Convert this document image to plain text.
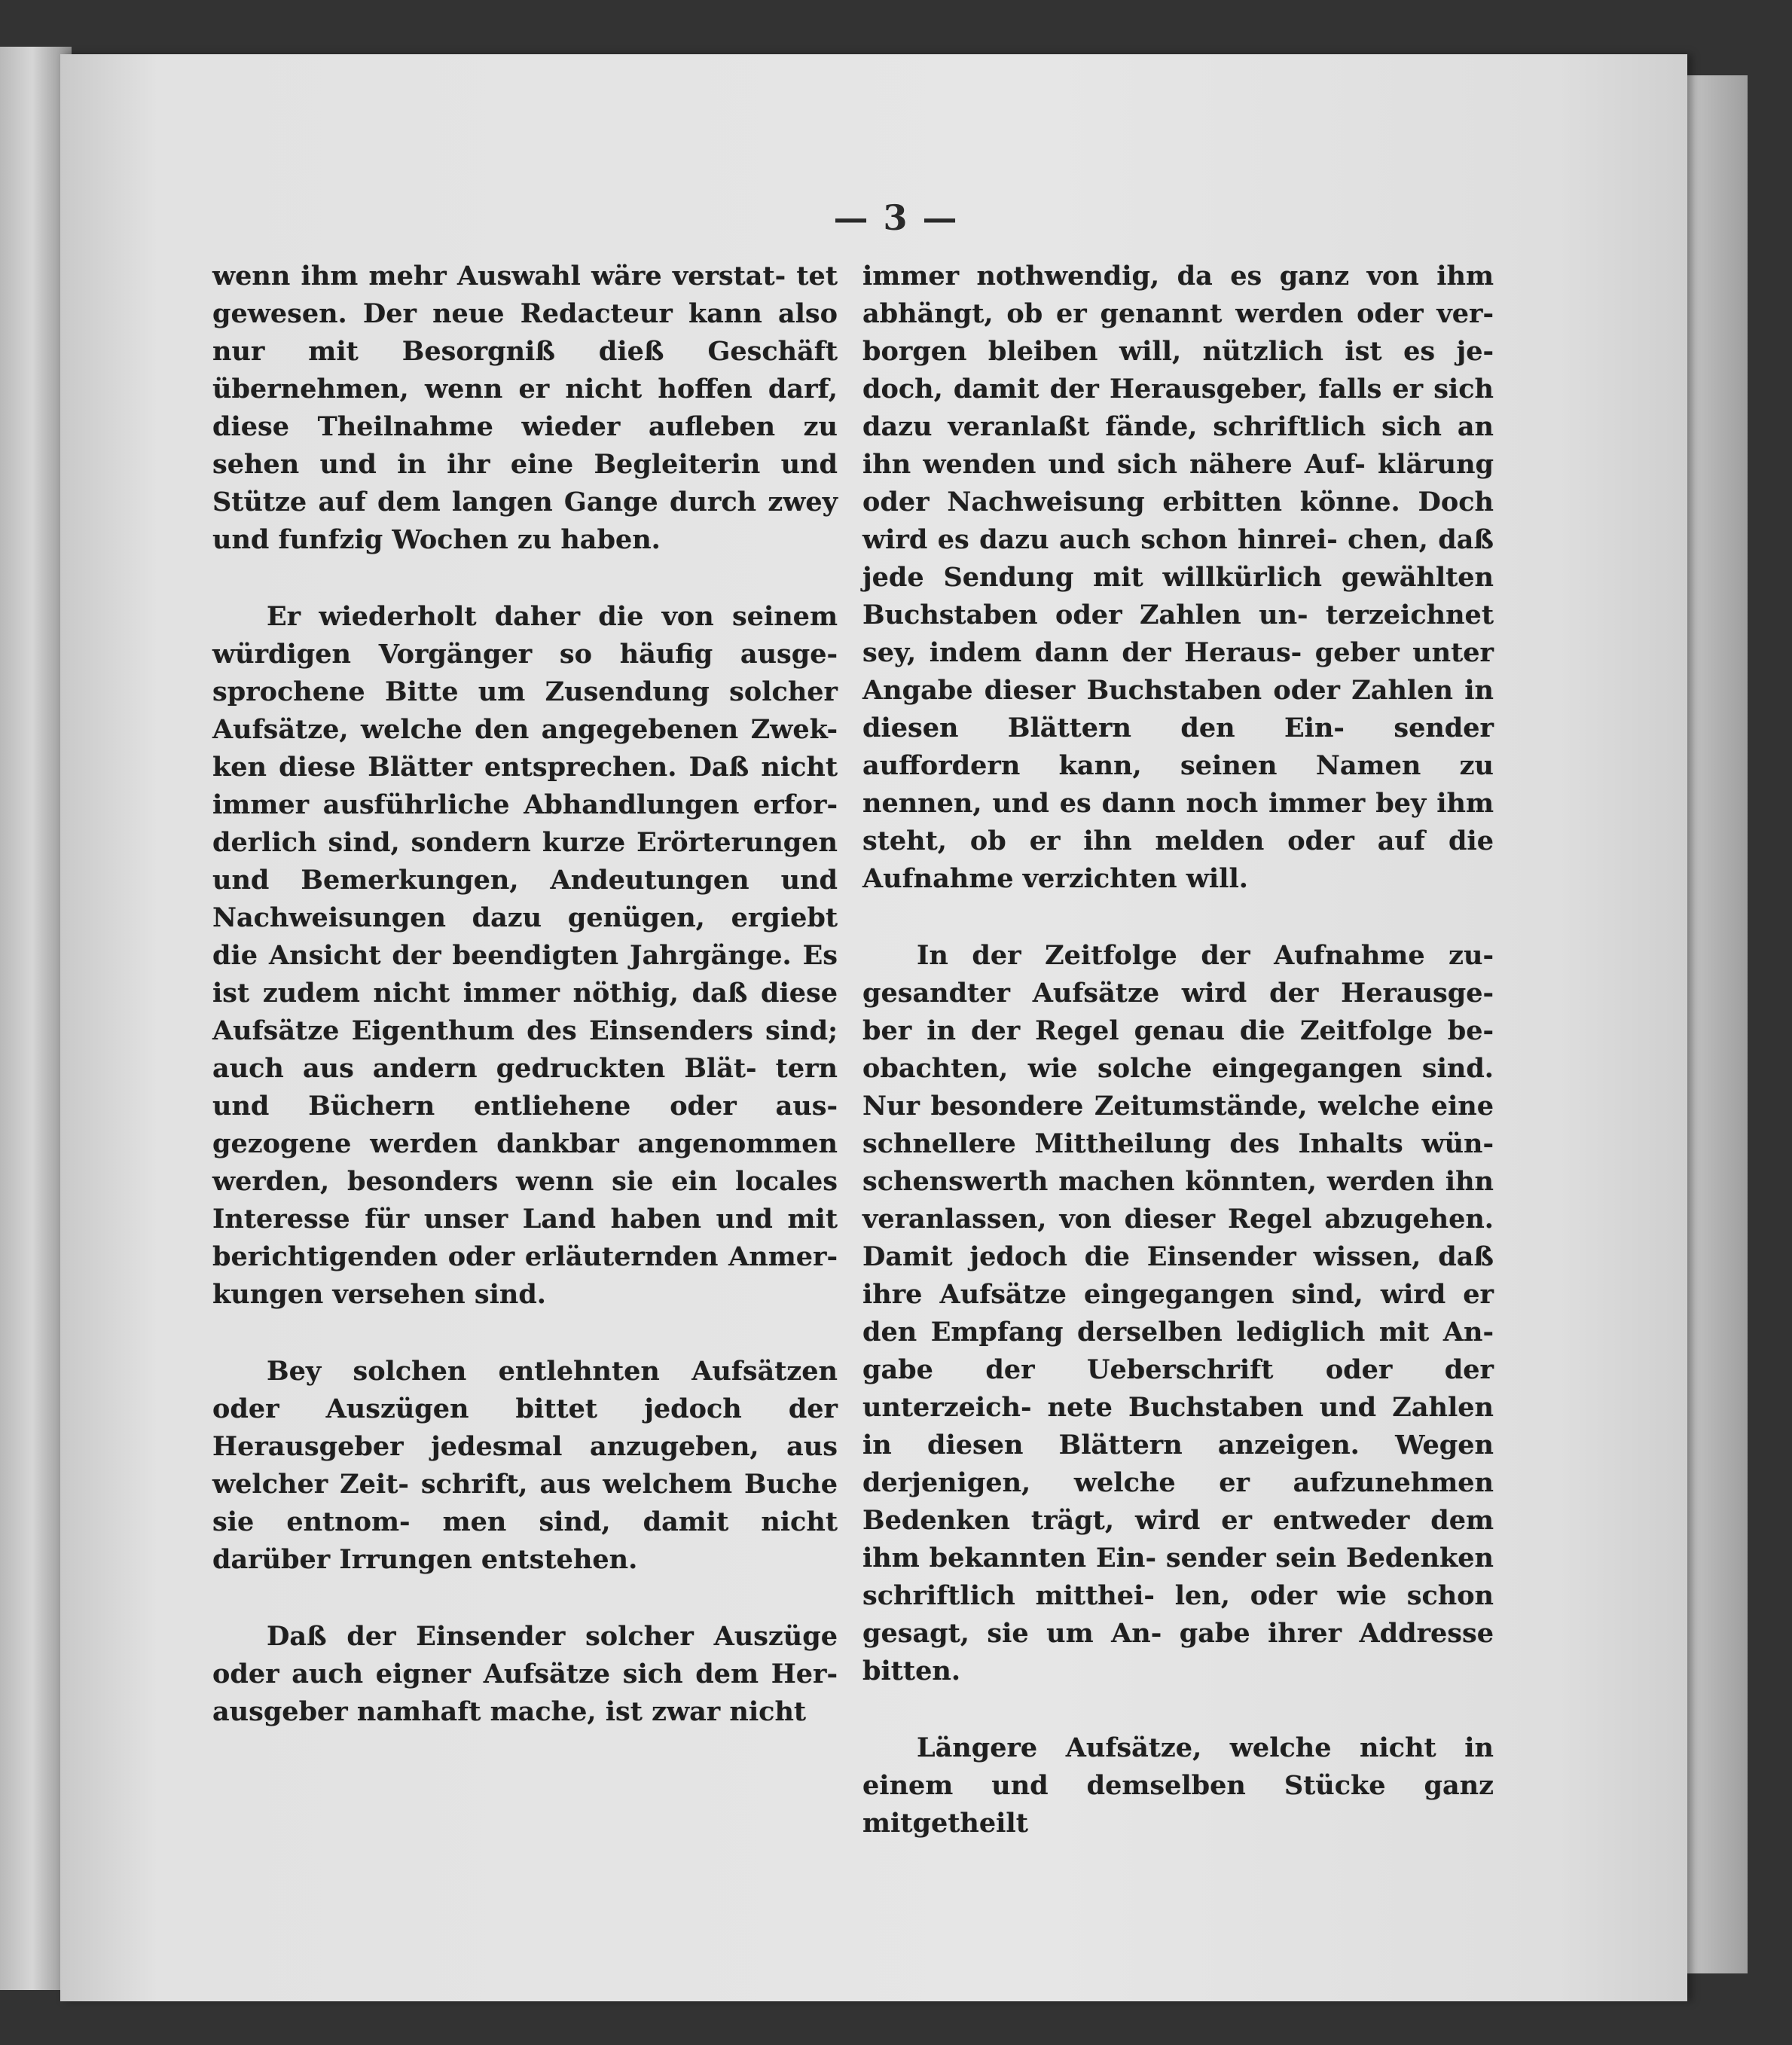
— 3 —

wenn ihm mehr Auswahl wäre verstat- tet gewesen. Der neue Redacteur kann also nur mit Besorgniß dieß Geschäft übernehmen, wenn er nicht hoffen darf, diese Theilnahme wieder aufleben zu sehen und in ihr eine Begleiterin und Stütze auf dem langen Gange durch zwey und funfzig Wochen zu haben.

Er wiederholt daher die von seinem würdigen Vorgänger so häufig ausge- sprochene Bitte um Zusendung solcher Aufsätze, welche den angegebenen Zwek- ken diese Blätter entsprechen. Daß nicht immer ausführliche Abhandlungen erfor- derlich sind, sondern kurze Erörterungen und Bemerkungen, Andeutungen und Nachweisungen dazu genügen, ergiebt die Ansicht der beendigten Jahrgänge. Es ist zudem nicht immer nöthig, daß diese Aufsätze Eigenthum des Einsenders sind; auch aus andern gedruckten Blät- tern und Büchern entliehene oder aus- gezogene werden dankbar angenommen werden, besonders wenn sie ein locales Interesse für unser Land haben und mit berichtigenden oder erläuternden Anmer- kungen versehen sind.

Bey solchen entlehnten Aufsätzen oder Auszügen bittet jedoch der Herausgeber jedesmal anzugeben, aus welcher Zeit- schrift, aus welchem Buche sie entnom- men sind, damit nicht darüber Irrungen entstehen.

Daß der Einsender solcher Auszüge oder auch eigner Aufsätze sich dem Her- ausgeber namhaft mache, ist zwar nicht

immer nothwendig, da es ganz von ihm abhängt, ob er genannt werden oder ver- borgen bleiben will, nützlich ist es je- doch, damit der Herausgeber, falls er sich dazu veranlaßt fände, schriftlich sich an ihn wenden und sich nähere Auf- klärung oder Nachweisung erbitten könne. Doch wird es dazu auch schon hinrei- chen, daß jede Sendung mit willkürlich gewählten Buchstaben oder Zahlen un- terzeichnet sey, indem dann der Heraus- geber unter Angabe dieser Buchstaben oder Zahlen in diesen Blättern den Ein- sender auffordern kann, seinen Namen zu nennen, und es dann noch immer bey ihm steht, ob er ihn melden oder auf die Aufnahme verzichten will.

In der Zeitfolge der Aufnahme zu- gesandter Aufsätze wird der Herausge- ber in der Regel genau die Zeitfolge be- obachten, wie solche eingegangen sind. Nur besondere Zeitumstände, welche eine schnellere Mittheilung des Inhalts wün- schenswerth machen könnten, werden ihn veranlassen, von dieser Regel abzugehen. Damit jedoch die Einsender wissen, daß ihre Aufsätze eingegangen sind, wird er den Empfang derselben lediglich mit An- gabe der Ueberschrift oder der unterzeich- nete Buchstaben und Zahlen in diesen Blättern anzeigen. Wegen derjenigen, welche er aufzunehmen Bedenken trägt, wird er entweder dem ihm bekannten Ein- sender sein Bedenken schriftlich mitthei- len, oder wie schon gesagt, sie um An- gabe ihrer Addresse bitten.

Längere Aufsätze, welche nicht in einem und demselben Stücke ganz mitgetheilt
